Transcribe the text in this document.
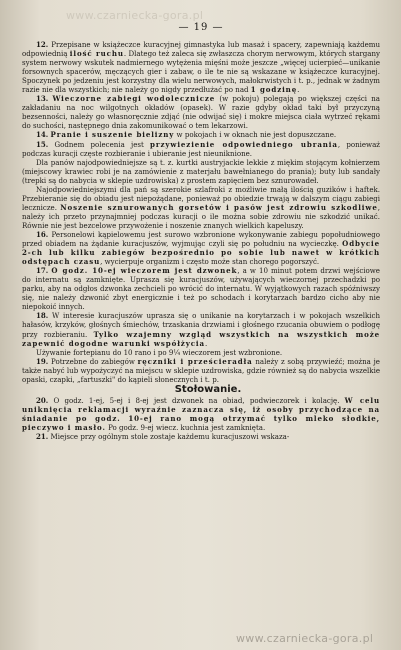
www.czarniecka-gora.pl
— 19 —

12. Przepisane w książeczce kuracyjnej gimnastyka lub masaż i spacery, zapewniają każdemu odpowiednią ilość ruchu. Dlatego też zaleca się zwłaszcza chorym nerwowym, których stargany system nerwowy wskutek nadmiernego wytężenia mięśni może jeszcze „więcej ucierpieć—unikanie forsownych spacerów, męczących gier i zabaw, o ile te nie są wskazane w książeczce kuracyjnej. Spoczynek po jedzeniu jest korzystny dla wielu nerwowych, małokrwistych i t. p., jednak w żadnym razie nie dla wszystkich; nie należy go nigdy przedłużać po nad 1 godzinę.

13. Wieczorne zabiegi wodoleczniczе (w pokoju) polegają po większej części na zakładaniu na noc wilgotnych okładów (opasek). W razie gdyby okład taki był przyczyną bezsenności, należy go własnoręcznie zdjąć (nie odwijać się) i mokre miejsca ciała wytrzeć rękami do suchości, następnego dnia zakomunikować o tem lekarzowi.

14. Pranie i suszenie bielizny w pokojach i w oknach nie jest dopuszczane.

15. Godnem polecenia jest przywiezienie odpowiedniego ubrania, ponieważ podczas kuracji częste rozbieranie i ubieranie jest nieuniknione.

Dla panów najodpowiedniejsze są t. z. kurtki austryjackie lekkie z miękim stojącym kołnierzem (miejscowy krawiec robi je na zamówienie z materjału bawełnianego do prania); buty lub sandały (trepki są do nabycia w sklepie uzdrowiska) z prostem zapięciem bez sznurowadeł.

Najodpowiedniejszymi dla pań są szerokie szlafroki z możliwie małą ilością guzików i haftek. Przebieranie się do obiadu jest niepożądane, ponieważ po obiedzie trwają w dalszym ciągu zabiegi lecznicze. Noszenie sznurowanych gorsetów i pasów jest zdrowiu szkodliwe, należy ich przeto przynajmniej podczas kuracji o ile można sobie zdrowiu nie szkodzić unikać. Równie nie jest bezcelowe przywożenie i noszenie znanych wielkich kapeluszy.

16. Personelowi kąpielowemu jest surowo wzbronione wykonywanie zabiegu popołudniowego przed obiadem na żądanie kuracjuszów, wyjmując czyli się po południu na wycieczkę. Odbycie 2-ch lub kilku zabiegów bezpośrednio po sobie lub nawet w krótkich odstępach czasu, wycierpuje organizm i często może stan chorego pogorszyć.

17. O godz. 10-ej wieczorem jest dzwonek, a w 10 minut potem drzwi wejściowe do internatu są zamknięte. Uprasza się kuracjuszów, używających wieczornej przechadzki po parku, aby na odgłos dzwonka zechcieli po wrócić do internatu. W wyjątkowych razach spóźniwszy się, nie należy dzwonić zbyt energicznie i też po schodach i korytarzach bardzo cicho aby nie niepokoić innych.

18. W interesie kuracjuszów uprasza się o unikanie na korytarzach i w pokojach wszelkich hałasów, krzyków, głośnych śmiechów, trzaskania drzwiami i głośnego rzucania obuwiem o podłogę przy rozbieraniu. Tylko wzajemny wzgląd wszystkich na wszystkich może zapewnić dogodne warunki współżycia.

Używanie fortepianu do 10 rano i po 9¼ wieczorem jest wzbronione.

19. Potrzebne do zabiegów ręczniki i prześcieradła należy z sobą przywieźć; można je także nabyć lub wypożyczyć na miejscu w sklepie uzdrowiska, gdzie również są do nabycia wszelkie opaski, czapki, „fartuszki" do kąpieli słonecznych i t. p.

Stołowanie.

20. O godz. 1-ej, 5-ej i 8-ej jest dzwonek na obiad, podwieczorek i kolację. W celu uniknięcia reklamacji wyraźnie zaznacza się, iż osoby przychodzące na śniadanie po godz. 10-ej rano mogą otrzymać tylko mleko słodkie, pieczywo i masło. Po godz. 9-ej wiecz. kuchnia jest zamknięta.

21. Miejsce przy ogólnym stole zostaje każdemu kuracjuszowi wskaza-

www.czarniecka-gora.pl
